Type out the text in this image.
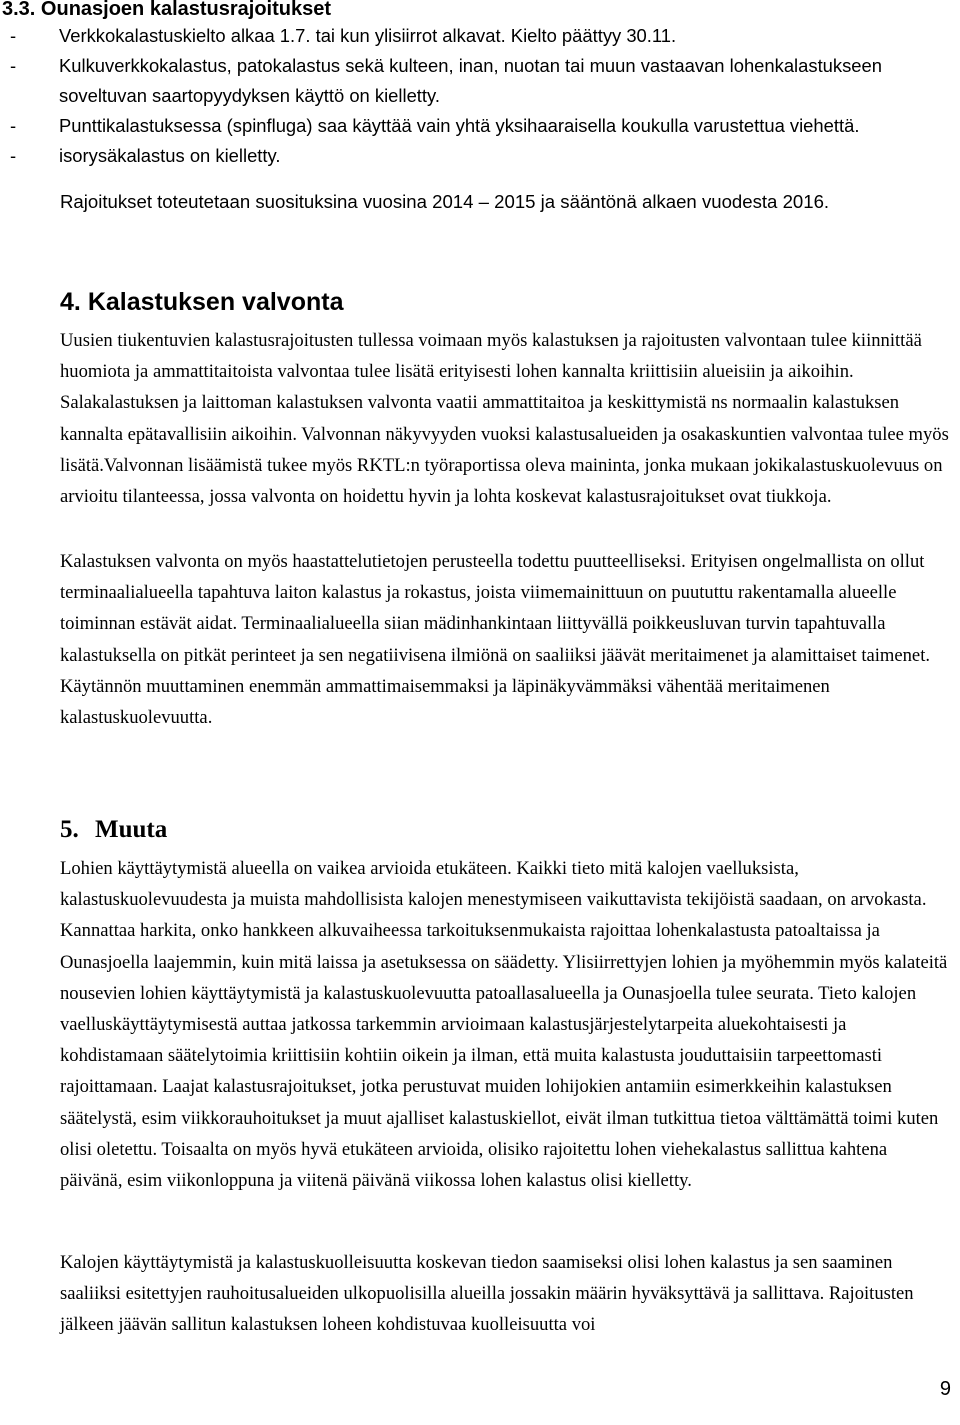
3.3. Ounasjoen kalastusrajoitukset
-	Verkkokalastuskielto alkaa 1.7. tai kun ylisiirrot alkavat. Kielto päättyy 30.11.
-	Kulkuverkkokalastus, patokalastus sekä kulteen, inan, nuotan tai muun vastaavan lohenkalastukseen
soveltuvan saartopyydyksen käyttö on kielletty.
-	Punttikalastuksessa (spinfluga) saa käyttää vain yhtä yksihaaraisella koukulla varustettua viehettä.
-	isorysäkalastus on kielletty.

Rajoitukset toteutetaan suosituksina vuosina 2014 – 2015 ja sääntönä alkaen vuodesta 2016.

4. Kalastuksen valvonta

Uusien tiukentuvien kalastusrajoitusten tullessa voimaan myös kalastuksen ja rajoitusten valvontaan tulee kiinnittää huomiota ja ammattitaitoista valvontaa tulee lisätä erityisesti lohen kannalta kriittisiin alueisiin ja aikoihin. Salakalastuksen ja laittoman kalastuksen valvonta vaatii ammattitaitoa ja keskittymistä ns normaalin kalastuksen kannalta epätavallisiin aikoihin. Valvonnan näkyvyyden vuoksi kalastusalueiden ja osakaskuntien valvontaa tulee myös lisätä.Valvonnan lisäämistä tukee myös RKTL:n työraportissa oleva maininta, jonka mukaan jokikalastuskuolevuus on arvioitu tilanteessa, jossa valvonta on hoidettu hyvin ja lohta koskevat kalastusrajoitukset ovat tiukkoja.

Kalastuksen valvonta on myös haastattelutietojen perusteella todettu puutteelliseksi. Erityisen ongelmallista on ollut terminaalialueella tapahtuva laiton kalastus ja rokastus, joista viimemainittuun on puututtu rakentamalla alueelle toiminnan estävät aidat. Terminaalialueella siian mädinhankintaan liittyvällä poikkeusluvan turvin tapahtuvalla kalastuksella on pitkät perinteet ja sen negatiivisena ilmiönä on saaliiksi jäävät meritaimenet ja alamittaiset taimenet. Käytännön muuttaminen enemmän ammattimaisemmaksi ja läpinäkyvämmäksi vähentää meritaimenen kalastuskuolevuutta.

5. Muuta

Lohien käyttäytymistä alueella on vaikea arvioida etukäteen. Kaikki tieto mitä kalojen vaelluksista, kalastuskuolevuudesta ja muista mahdollisista kalojen menestymiseen vaikuttavista tekijöistä saadaan, on arvokasta. Kannattaa harkita, onko hankkeen alkuvaiheessa tarkoituksenmukaista rajoittaa lohenkalastusta patoaltaissa ja Ounasjoella laajemmin, kuin mitä laissa ja asetuksessa on säädetty. Ylisiirrettyjen lohien ja myöhemmin myös kalateitä nousevien lohien käyttäytymistä ja kalastuskuolevuutta patoallasalueella ja Ounasjoella tulee seurata. Tieto kalojen vaelluskäyttäytymisestä auttaa jatkossa tarkemmin arvioimaan kalastusjärjestelytarpeita aluekohtaisesti ja kohdistamaan säätelytoimia kriittisiin kohtiin oikein ja ilman, että muita kalastusta jouduttaisiin tarpeettomasti rajoittamaan. Laajat kalastusrajoitukset, jotka perustuvat muiden lohijokien antamiin esimerkkeihin kalastuksen säätelystä, esim viikkorauhoitukset ja muut ajalliset kalastuskiellot, eivät ilman tutkittua tietoa välttämättä toimi kuten olisi oletettu. Toisaalta on myös hyvä etukäteen arvioida, olisiko rajoitettu lohen viehekalastus sallittua kahtena päivänä, esim viikonloppuna ja viitenä päivänä viikossa lohen kalastus olisi kielletty.

Kalojen käyttäytymistä ja kalastuskuolleisuutta koskevan tiedon saamiseksi olisi lohen kalastus ja sen saaminen saaliiksi esitettyjen rauhoitusalueiden ulkopuolisilla alueilla jossakin määrin hyväksyttävä ja sallittava. Rajoitusten jälkeen jäävän sallitun kalastuksen loheen kohdistuvaa kuolleisuutta voi

9
